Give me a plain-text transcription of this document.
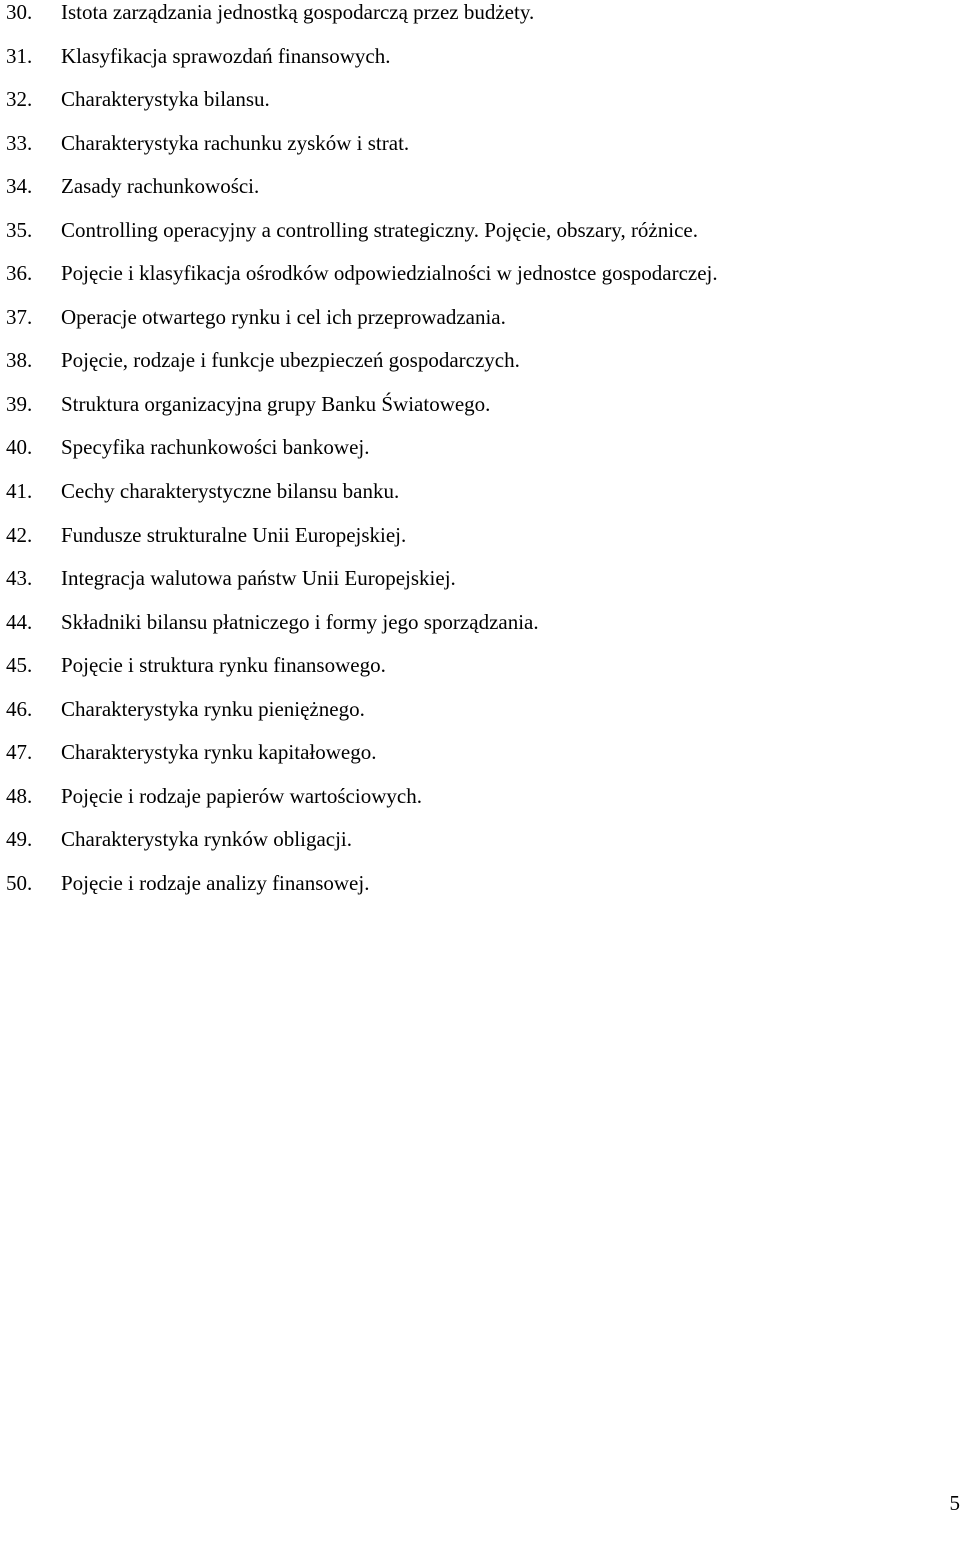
30. Istota zarządzania jednostką gospodarczą przez budżety.
31. Klasyfikacja sprawozdań finansowych.
32. Charakterystyka bilansu.
33. Charakterystyka rachunku zysków i strat.
34. Zasady rachunkowości.
35. Controlling operacyjny a controlling strategiczny. Pojęcie, obszary, różnice.
36. Pojęcie i klasyfikacja ośrodków odpowiedzialności w jednostce gospodarczej.
37. Operacje otwartego rynku i cel ich przeprowadzania.
38. Pojęcie, rodzaje i funkcje ubezpieczeń gospodarczych.
39. Struktura organizacyjna grupy Banku Światowego.
40. Specyfika rachunkowości bankowej.
41. Cechy charakterystyczne bilansu banku.
42. Fundusze strukturalne Unii Europejskiej.
43. Integracja walutowa państw Unii Europejskiej.
44. Składniki bilansu płatniczego i formy jego sporządzania.
45. Pojęcie i struktura rynku finansowego.
46. Charakterystyka rynku pieniężnego.
47. Charakterystyka rynku kapitałowego.
48. Pojęcie i rodzaje papierów wartościowych.
49. Charakterystyka rynków obligacji.
50. Pojęcie i rodzaje analizy finansowej.
5
